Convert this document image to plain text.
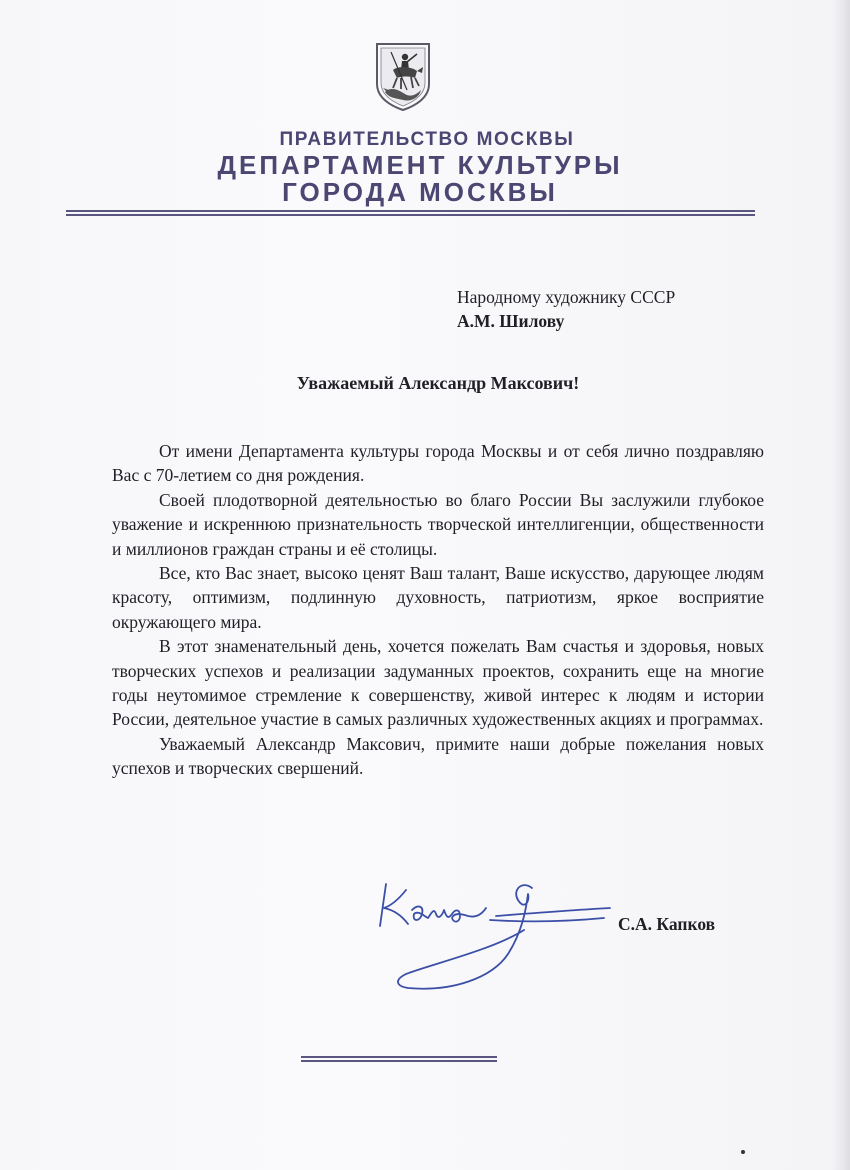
ПРАВИТЕЛЬСТВО МОСКВЫ
ДЕПАРТАМЕНТ КУЛЬТУРЫ
ГОРОДА МОСКВЫ
Народному художнику СССР
А.М. Шилову
Уважаемый Александр Максович!

От имени Департамента культуры города Москвы и от себя лично поздравляю Вас с 70-летием со дня рождения.

Своей плодотворной деятельностью во благо России Вы заслужили глубокое уважение и искреннюю признательность творческой интеллигенции, общественности и миллионов граждан страны и её столицы.

Все, кто Вас знает, высоко ценят Ваш талант, Ваше искусство, дарующее людям красоту, оптимизм, подлинную духовность, патриотизм, яркое восприятие окружающего мира.

В этот знаменательный день, хочется пожелать Вам счастья и здоровья, новых творческих успехов и реализации задуманных проектов, сохранить еще на многие годы неутомимое стремление к совершенству, живой интерес к людям и истории России, деятельное участие в самых различных художественных акциях и программах.

Уважаемый Александр Максович, примите наши добрые пожелания новых успехов и творческих свершений.

С.А. Капков
